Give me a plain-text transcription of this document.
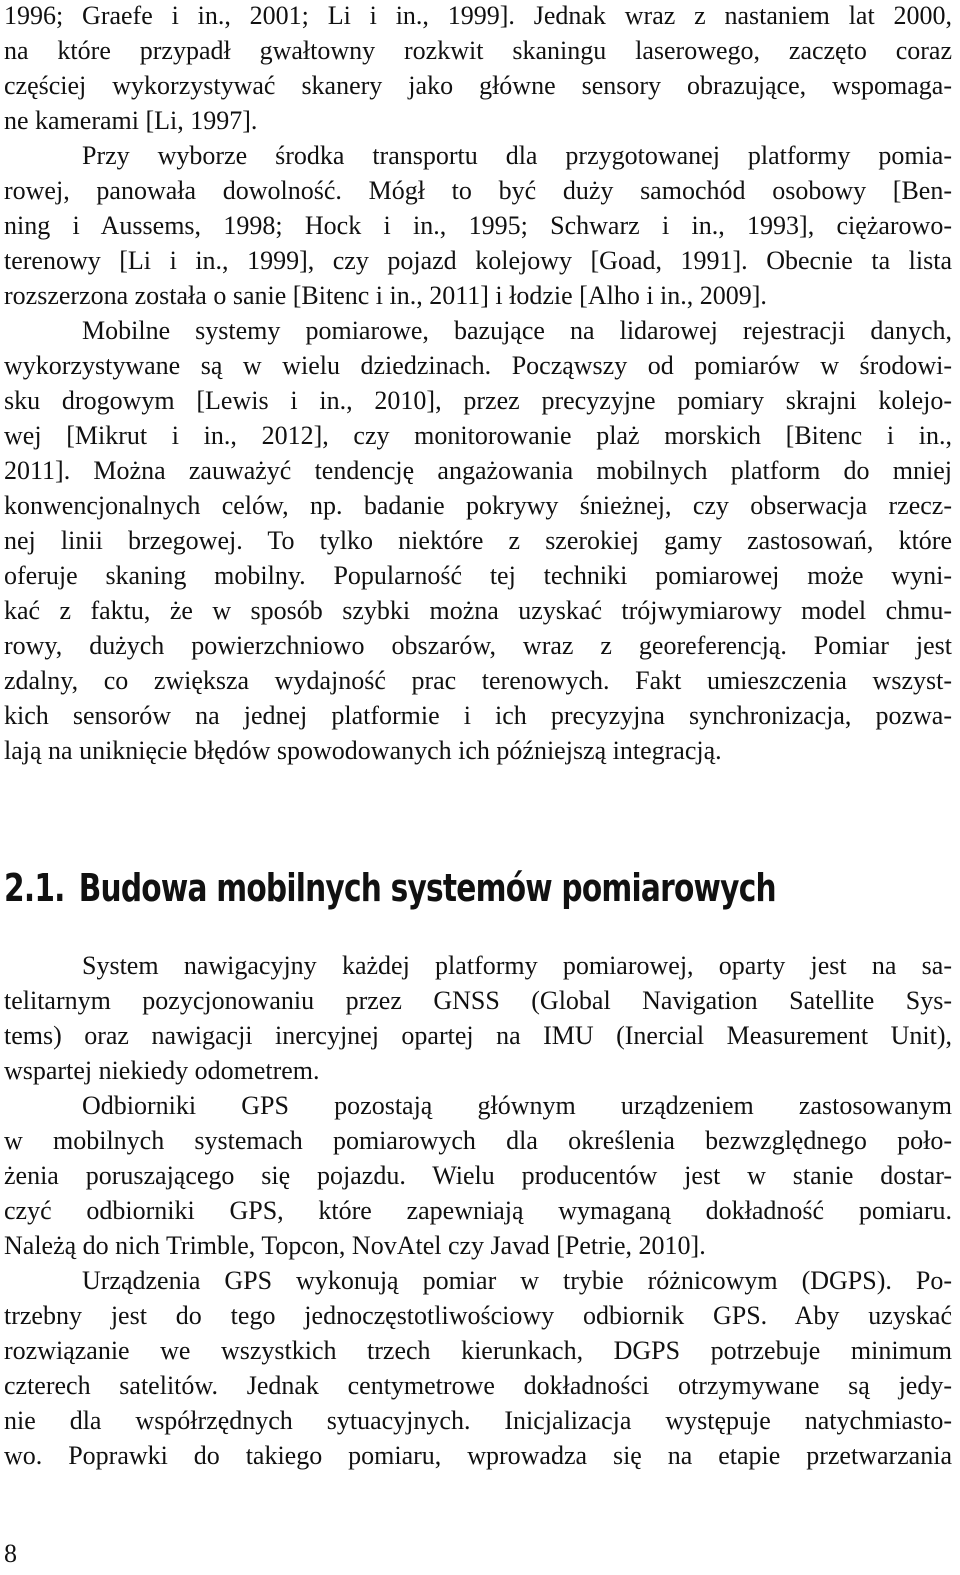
1996; Graefe i in., 2001; Li i in., 1999]. Jednak wraz z nastaniem lat 2000,
na które przypadł gwałtowny rozkwit skaningu laserowego, zaczęto coraz
częściej wykorzystywać skanery jako główne sensory obrazujące, wspomaga-
ne kamerami [Li, 1997].
Przy wyborze środka transportu dla przygotowanej platformy pomia-
rowej, panowała dowolność. Mógł to być duży samochód osobowy [Ben-
ning i Aussems, 1998; Hock i in., 1995; Schwarz i in., 1993], ciężarowo-
terenowy [Li i in., 1999], czy pojazd kolejowy [Goad, 1991]. Obecnie ta lista
rozszerzona została o sanie [Bitenc i in., 2011] i łodzie [Alho i in., 2009].
Mobilne systemy pomiarowe, bazujące na lidarowej rejestracji danych,
wykorzystywane są w wielu dziedzinach. Począwszy od pomiarów w środowi-
sku drogowym [Lewis i in., 2010], przez precyzyjne pomiary skrajni kolejo-
wej [Mikrut i in., 2012], czy monitorowanie plaż morskich [Bitenc i in.,
2011]. Można zauważyć tendencję angażowania mobilnych platform do mniej
konwencjonalnych celów, np. badanie pokrywy śnieżnej, czy obserwacja rzecz-
nej linii brzegowej. To tylko niektóre z szerokiej gamy zastosowań, które
oferuje skaning mobilny. Popularność tej techniki pomiarowej może wyni-
kać z faktu, że w sposób szybki można uzyskać trójwymiarowy model chmu-
rowy, dużych powierzchniowo obszarów, wraz z georeferencją. Pomiar jest
zdalny, co zwiększa wydajność prac terenowych. Fakt umieszczenia wszyst-
kich sensorów na jednej platformie i ich precyzyjna synchronizacja, pozwa-
lają na uniknięcie błędów spowodowanych ich późniejszą integracją.
2.1. Budowa mobilnych systemów pomiarowych
System nawigacyjny każdej platformy pomiarowej, oparty jest na sa-
telitarnym pozycjonowaniu przez GNSS (Global Navigation Satellite Sys-
tems) oraz nawigacji inercyjnej opartej na IMU (Inercial Measurement Unit),
wspartej niekiedy odometrem.
Odbiorniki GPS pozostają głównym urządzeniem zastosowanym
w mobilnych systemach pomiarowych dla określenia bezwzględnego poło-
żenia poruszającego się pojazdu. Wielu producentów jest w stanie dostar-
czyć odbiorniki GPS, które zapewniają wymaganą dokładność pomiaru.
Należą do nich Trimble, Topcon, NovAtel czy Javad [Petrie, 2010].
Urządzenia GPS wykonują pomiar w trybie różnicowym (DGPS). Po-
trzebny jest do tego jednoczęstotliwościowy odbiornik GPS. Aby uzyskać
rozwiązanie we wszystkich trzech kierunkach, DGPS potrzebuje minimum
czterech satelitów. Jednak centymetrowe dokładności otrzymywane są jedy-
nie dla współrzędnych sytuacyjnych. Inicjalizacja występuje natychmiasto-
wo. Poprawki do takiego pomiaru, wprowadza się na etapie przetwarzania
8
